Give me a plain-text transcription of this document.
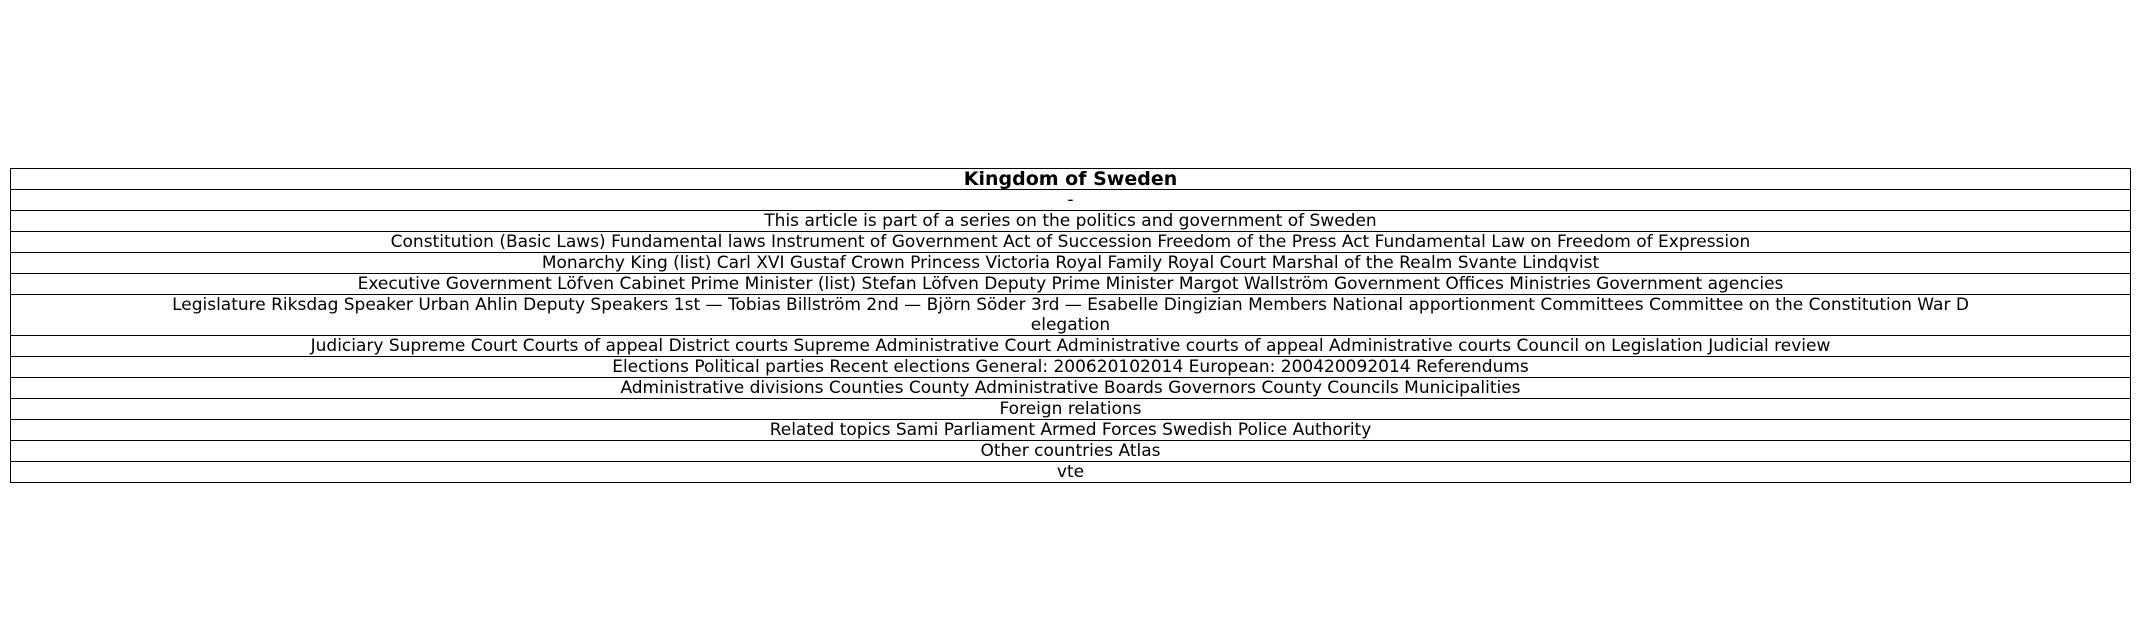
Kingdom of Sweden
-
This article is part of a series on the politics and government of Sweden
Constitution (Basic Laws) Fundamental laws Instrument of Government Act of Succession Freedom of the Press Act Fundamental Law on Freedom of Expression
Monarchy King (list) Carl XVI Gustaf Crown Princess Victoria Royal Family Royal Court Marshal of the Realm Svante Lindqvist
Executive Government Löfven Cabinet Prime Minister (list) Stefan Löfven Deputy Prime Minister Margot Wallström Government Offices Ministries Government agencies

Legislature Riksdag Speaker Urban Ahlin Deputy Speakers 1st — Tobias Billström 2nd — Björn Söder 3rd — Esabelle Dingizian Members National apportionment Committees Committee on the Constitution War Delegation

Judiciary Supreme Court Courts of appeal District courts Supreme Administrative Court Administrative courts of appeal Administrative courts Council on Legislation Judicial review
Elections Political parties Recent elections General: 200620102014 European: 200420092014 Referendums
Administrative divisions Counties County Administrative Boards Governors County Councils Municipalities
Foreign relations
Related topics Sami Parliament Armed Forces Swedish Police Authority
Other countries Atlas
vte
